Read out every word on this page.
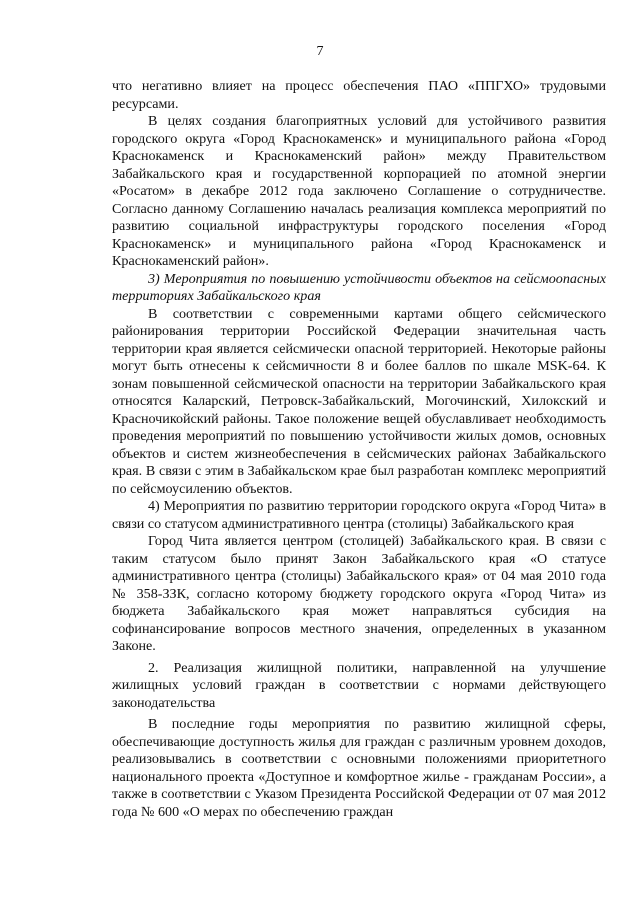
7

что негативно влияет на процесс обеспечения ПАО «ППГХО» трудовыми ресурсами.

В целях создания благоприятных условий для устойчивого развития городского округа «Город Краснокаменск» и муниципального района «Город Краснокаменск и Краснокаменский район» между Правительством Забайкальского края и государственной корпорацией по атомной энергии «Росатом» в декабре 2012 года заключено Соглашение о сотрудничестве. Согласно данному Соглашению началась реализация комплекса мероприятий по развитию социальной инфраструктуры городского поселения «Город Краснокаменск» и муниципального района «Город Краснокаменск и Краснокаменский район».

3) Мероприятия по повышению устойчивости объектов на сейсмоопасных территориях Забайкальского края

В соответствии с современными картами общего сейсмического районирования территории Российской Федерации значительная часть территории края является сейсмически опасной территорией. Некоторые районы могут быть отнесены к сейсмичности 8 и более баллов по шкале MSK-64. К зонам повышенной сейсмической опасности на территории Забайкальского края относятся Каларский, Петровск-Забайкальский, Могочинский, Хилокский и Красночикойский районы. Такое положение вещей обуславливает необходимость проведения мероприятий по повышению устойчивости жилых домов, основных объектов и систем жизнеобеспечения в сейсмических районах Забайкальского края. В связи с этим в Забайкальском крае был разработан комплекс мероприятий по сейсмоусилению объектов.

4) Мероприятия по развитию территории городского округа «Город Чита» в связи со статусом административного центра (столицы) Забайкальского края

Город Чита является центром (столицей) Забайкальского края. В связи с таким статусом было принят Закон Забайкальского края «О статусе административного центра (столицы) Забайкальского края» от 04 мая 2010 года № 358-ЗЗК, согласно которому бюджету городского округа «Город Чита» из бюджета Забайкальского края может направляться субсидия на софинансирование вопросов местного значения, определенных в указанном Законе.

2. Реализация жилищной политики, направленной на улучшение жилищных условий граждан в соответствии с нормами действующего законодательства

В последние годы мероприятия по развитию жилищной сферы, обеспечивающие доступность жилья для граждан с различным уровнем доходов, реализовывались в соответствии с основными положениями приоритетного национального проекта «Доступное и комфортное жилье - гражданам России», а также в соответствии с Указом Президента Российской Федерации от 07 мая 2012 года № 600 «О мерах по обеспечению граждан
